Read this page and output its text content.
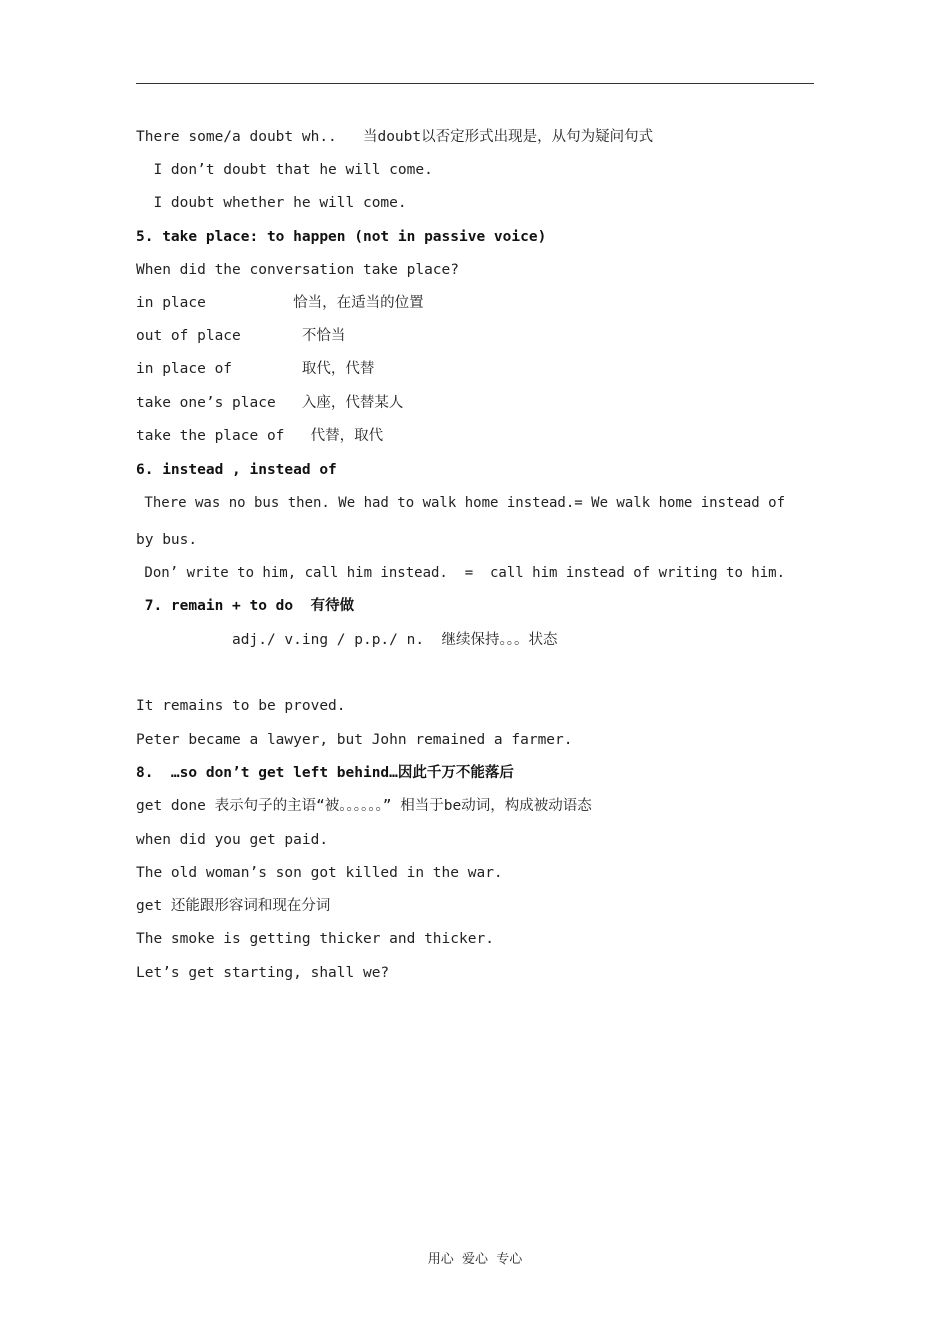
There some/a doubt wh..   当doubt以否定形式出现是，从句为疑问句式
I don’t doubt that he will come.
I doubt whether he will come.
5. take place: to happen (not in passive voice)
When did the conversation take place?
in place          恰当，在适当的位置
out of place       不恰当
in place of        取代，代替
take one’s place   入座，代替某人
take the place of   代替，取代
6. instead , instead of
There was no bus then. We had to walk home instead.= We walk home instead of
by bus.
Don’ write to him, call him instead.  =  call him instead of writing to him.
7. remain + to do  有待做
adj./ v.ing / p.p./ n.  继续保持。。。状态
It remains to be proved.
Peter became a lawyer, but John remained a farmer.
8.  …so don’t get left behind…因此千万不能落后
get done 表示句子的主语“被。。。。。。” 相当于be动词，构成被动语态
when did you get paid.
The old woman’s son got killed in the war.
get 还能跟形容词和现在分词
The smoke is getting thicker and thicker.
Let’s get starting, shall we?
用心  爱心  专心
